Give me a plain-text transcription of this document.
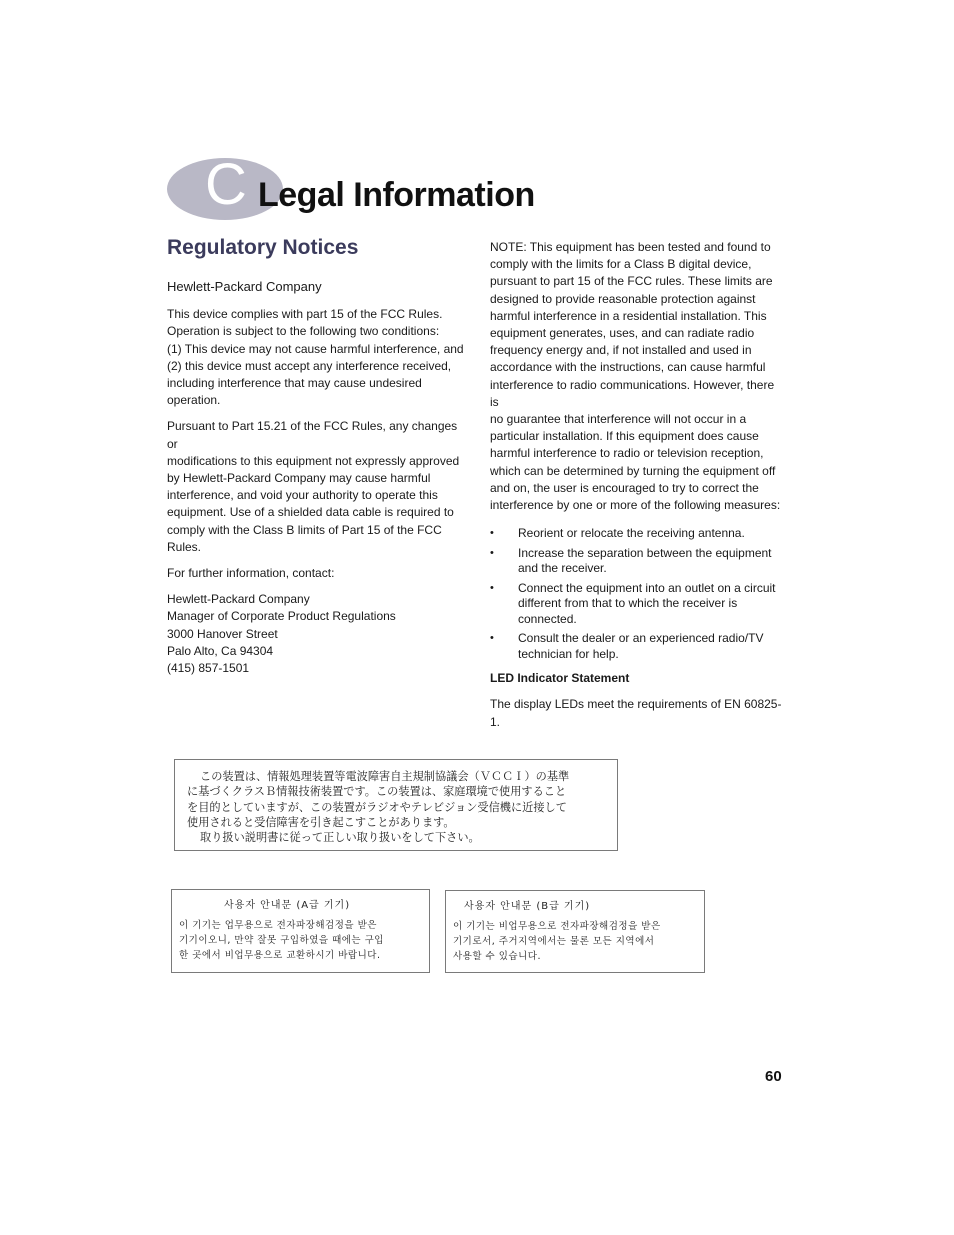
C Legal Information
Regulatory Notices

Hewlett-Packard Company

This device complies with part 15 of the FCC Rules.
Operation is subject to the following two conditions:
(1) This device may not cause harmful interference, and
(2) this device must accept any interference received,
including interference that may cause undesired
operation.

Pursuant to Part 15.21 of the FCC Rules, any changes or
modifications to this equipment not expressly approved
by Hewlett-Packard Company may cause harmful
interference, and void your authority to operate this
equipment. Use of a shielded data cable is required to
comply with the Class B limits of Part 15 of the FCC Rules.

For further information, contact:

Hewlett-Packard Company
Manager of Corporate Product Regulations
3000 Hanover Street
Palo Alto, Ca 94304
(415) 857-1501

NOTE: This equipment has been tested and found to
comply with the limits for a Class B digital device,
pursuant to part 15 of the FCC rules. These limits are
designed to provide reasonable protection against
harmful interference in a residential installation. This
equipment generates, uses, and can radiate radio
frequency energy and, if not installed and used in
accordance with the instructions, can cause harmful
interference to radio communications. However, there is
no guarantee that interference will not occur in a
particular installation. If this equipment does cause
harmful interference to radio or television reception,
which can be determined by turning the equipment off
and on, the user is encouraged to try to correct the
interference by one or more of the following measures:

• Reorient or relocate the receiving antenna.
• Increase the separation between the equipment and the receiver.
• Connect the equipment into an outlet on a circuit different from that to which the receiver is connected.
• Consult the dealer or an experienced radio/TV technician for help.

LED Indicator Statement

The display LEDs meet the requirements of EN 60825-1.

この装置は、情報処理装置等電波障害自主規制協議会（ＶＣＣＩ）の基準
に基づくクラスＢ情報技術装置です。この装置は、家庭環境で使用すること
を目的としていますが、この装置がラジオやテレビジョン受信機に近接して
使用されると受信障害を引き起こすことがあります。
取り扱い説明書に従って正しい取り扱いをして下さい。
사용자 안내문 (A급 기기)
이 기기는 업무용으로 전자파장해검정을 받은
기기이오니, 만약 잘못 구입하였을 때에는 구입
한 곳에서 비업무용으로 교환하시기 바랍니다.
사용자 안내문 (B급 기기)
이 기기는 비업무용으로 전자파장해검정을 받은
기기로서, 주거지역에서는 물론 모든 지역에서
사용할 수 있습니다.
60
